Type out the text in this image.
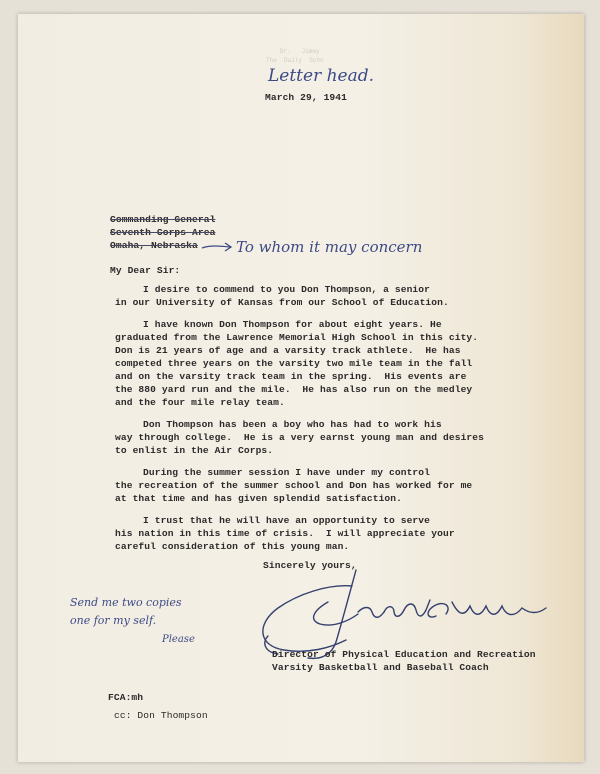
Dr.   Jimmy
The  Daily  Scho
Letter head.
March 29, 1941
Commanding General
Seventh Corps Area
Omaha, Nebraska	To whom it may concern
My Dear Sir:
I desire to commend to you Don Thompson, a senior
in our University of Kansas from our School of Education.
I have known Don Thompson for about eight years. He
graduated from the Lawrence Memorial High School in this city.
Don is 21 years of age and a varsity track athlete.  He has
competed three years on the varsity two mile team in the fall
and on the varsity track team in the spring.  His events are
the 880 yard run and the mile.  He has also run on the medley
and the four mile relay team.
Don Thompson has been a boy who has had to work his
way through college.  He is a very earnst young man and desires
to enlist in the Air Corps.
During the summer session I have under my control
the recreation of the summer school and Don has worked for me
at that time and has given splendid satisfaction.
I trust that he will have an opportunity to serve
his nation in this time of crisis.  I will appreciate your
careful consideration of this young man.
Sincerely yours,
Director of Physical Education and Recreation
Varsity Basketball and Baseball Coach
Send me two copies
one for my self.
Please
FCA:mh
cc: Don Thompson
